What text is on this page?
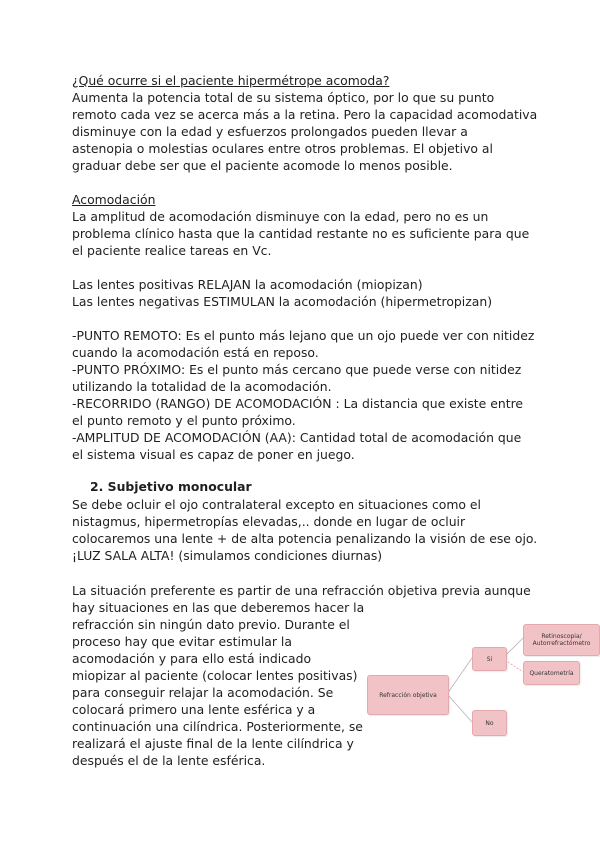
¿Qué ocurre si el paciente hipermétrope acomoda?
Aumenta la potencia total de su sistema óptico, por lo que su punto
remoto cada vez se acerca más a la retina. Pero la capacidad acomodativa
disminuye con la edad y esfuerzos prolongados pueden llevar a
astenopia o molestias oculares entre otros problemas. El objetivo al
graduar debe ser que el paciente acomode lo menos posible.
Acomodación
La amplitud de acomodación disminuye con la edad, pero no es un
problema clínico hasta que la cantidad restante no es suficiente para que
el paciente realice tareas en Vc.
Las lentes positivas RELAJAN la acomodación (miopizan)
Las lentes negativas ESTIMULAN la acomodación (hipermetropizan)
-PUNTO REMOTO: Es el punto más lejano que un ojo puede ver con nitidez
cuando la acomodación está en reposo.
-PUNTO PRÓXIMO: Es el punto más cercano que puede verse con nitidez
utilizando la totalidad de la acomodación.
-RECORRIDO (RANGO) DE ACOMODACIÓN : La distancia que existe entre
el punto remoto y el punto próximo.
-AMPLITUD DE ACOMODACIÓN (AA): Cantidad total de acomodación que
el sistema visual es capaz de poner en juego.
2. Subjetivo monocular
Se debe ocluir el ojo contralateral excepto en situaciones como el
nistagmus, hipermetropías elevadas,.. donde en lugar de ocluir
colocaremos una lente + de alta potencia penalizando la visión de ese ojo.
¡LUZ SALA ALTA! (simulamos condiciones diurnas)
La situación preferente es partir de una refracción objetiva previa aunque
hay situaciones en las que deberemos hacer la
refracción sin ningún dato previo. Durante el
proceso hay que evitar estimular la
acomodación y para ello está indicado
miopizar al paciente (colocar lentes positivas)
para conseguir relajar la acomodación. Se
colocará primero una lente esférica y a
continuación una cilíndrica. Posteriormente, se
realizará el ajuste final de la lente cilíndrica y
después el de la lente esférica.
Refracción objetiva
Si
No
Retinoscopia/
Autorrefractómetro
Queratometría
